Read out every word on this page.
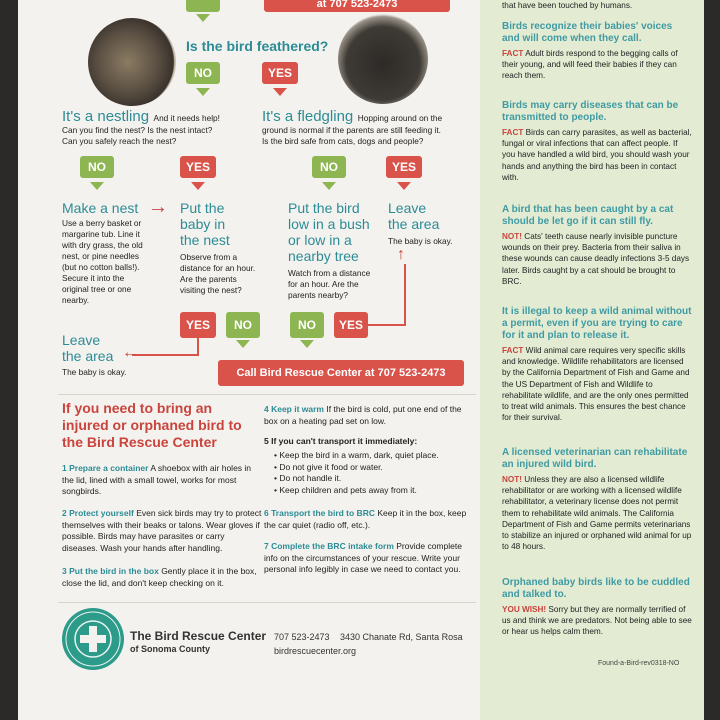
that have been touched by humans.
Birds recognize their babies' voices and will come when they call.
FACT Adult birds respond to the begging calls of their young, and will feed their babies if they can reach them.
Birds may carry diseases that can be transmitted to people.
FACT Birds can carry parasites, as well as bacterial, fungal or viral infections that can affect people. If you have handled a wild bird, you should wash your hands and anything the bird has been in contact with.
A bird that has been caught by a cat should be let go if it can still fly.
NOT! Cats' teeth cause nearly invisible puncture wounds on their prey. Bacteria from their saliva in these wounds can cause deadly infections 3-5 days later. Birds caught by a cat should be brought to BRC.
It is illegal to keep a wild animal without a permit, even if you are trying to care for it and plan to release it.
FACT Wild animal care requires very specific skills and knowledge. Wildlife rehabilitators are licensed by the California Department of Fish and Game and the US Department of Fish and Wildlife to rehabilitate wildlife, and are the only ones permitted to treat wild animals. This ensures the best chance for their survival.
A licensed veterinarian can rehabilitate an injured wild bird.
NOT! Unless they are also a licensed wildlife rehabilitator or are working with a licensed wildlife rehabilitator, a veterinary license does not permit them to rehabilitate wild animals. The California Department of Fish and Game permits veterinarians to stabilize an injured or orphaned wild animal for up to 48 hours.
Orphaned baby birds like to be cuddled and talked to.
YOU WISH! Sorry but they are normally terrified of us and think we are predators. Not being able to see or hear us helps calm them.
Found-a-Bird-rev0318-NO
at 707 523-2473
Is the bird feathered?
NO	YES
It's a nestling And it needs help!
Can you find the nest? Is the nest intact?
Can you safely reach the nest?
It's a fledgling Hopping around on the
ground is normal if the parents are still feeding it.
Is the bird safe from cats, dogs and people?
NO	YES	NO	YES
Make a nest
Use a berry basket or margarine tub. Line it with dry grass, the old nest, or pine needles (but no cotton balls!). Secure it into the original tree or one nearby.
→ Put the
baby in
the nest
Observe from a distance for an hour. Are the parents visiting the nest?
Put the bird
low in a bush
or low in a
nearby tree
Watch from a distance for an hour. Are the parents nearby?
Leave
the area
The baby is okay.
↑
YES	NO	NO	YES
←
Leave
the area
The baby is okay.	Call Bird Rescue Center at 707 523-2473
If you need to bring an injured or orphaned bird to the Bird Rescue Center
1 Prepare a container A shoebox with air holes in the lid, lined with a small towel, works for most songbirds.
2 Protect yourself Even sick birds may try to protect themselves with their beaks or talons. Wear gloves if possible. Birds may have parasites or carry diseases. Wash your hands after handling.
3 Put the bird in the box Gently place it in the box, close the lid, and don't keep checking on it.
4 Keep it warm If the bird is cold, put one end of the box on a heating pad set on low.
5 If you can't transport it immediately:
• Keep the bird in a warm, dark, quiet place.
• Do not give it food or water.
• Do not handle it.
• Keep children and pets away from it.
6 Transport the bird to BRC Keep it in the box, keep the car quiet (radio off, etc.).
7 Complete the BRC intake form Provide complete info on the circumstances of your rescue. Write your personal info legibly in case we need to contact you.
The Bird Rescue Center
of Sonoma County
707 523-2473 3430 Chanate Rd, Santa Rosa
birdrescuecenter.org
